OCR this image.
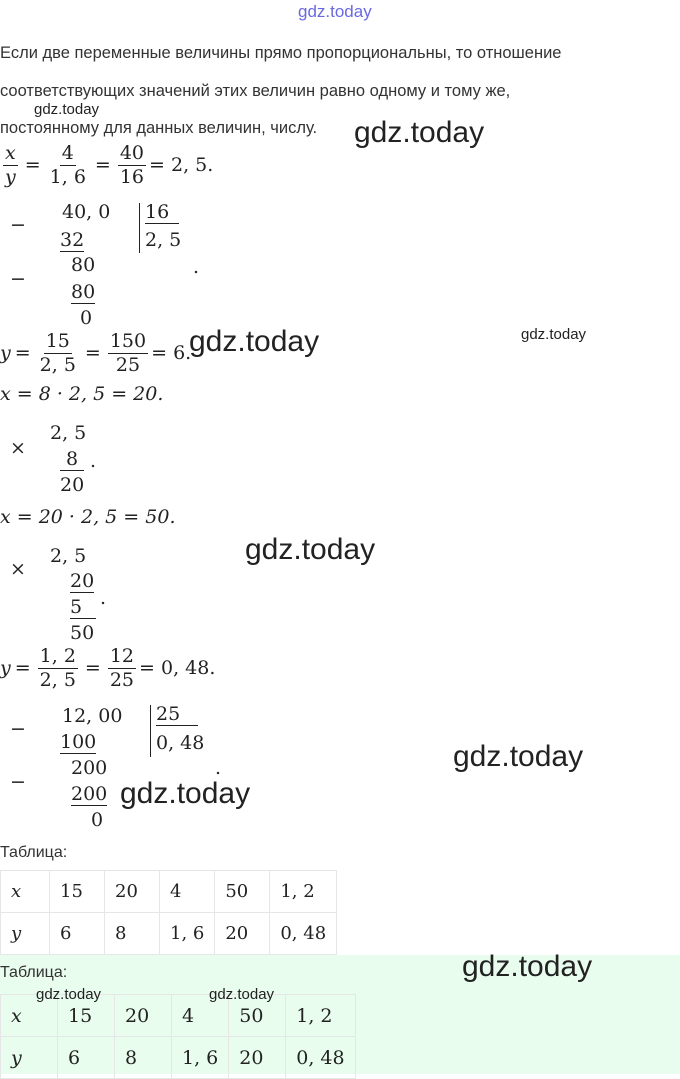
gdz.today
Если две переменные величины прямо пропорциональны, то отношение
соответствующих значений этих величин равно одному и тому же,
gdz.today
постоянному для данных величин, числу. gdz.today
$\frac{x}{y} = \frac{4}{1, 6} = \frac{40}{16} = 2$, 5.
−
40, 0
32
−
80
80
0
16
2, 5
.
$y = \frac{15}{2, 5} = \frac{150}{25} = 6$.
gdz.today	gdz.today
x = 8 · 2, 5 = 20.
×
2, 5
8
20
.
x = 20 · 2, 5 = 50.
gdz.today
×
2, 5
20
5
50
.
$y = \frac{1, 2}{2, 5} = \frac{12}{25} = 0$, 48.
−
12, 00
100
−
200
200
0
25
0, 48
.	gdz.today
gdz.today
Таблица:
x	15	20	4	50	1, 2
y	6	8	1, 6	20	0, 48
Таблица:	gdz.today
x	15	20	4	50	1, 2
y	6	8	1, 6	20	0, 48
gdz.today	gdz.today
